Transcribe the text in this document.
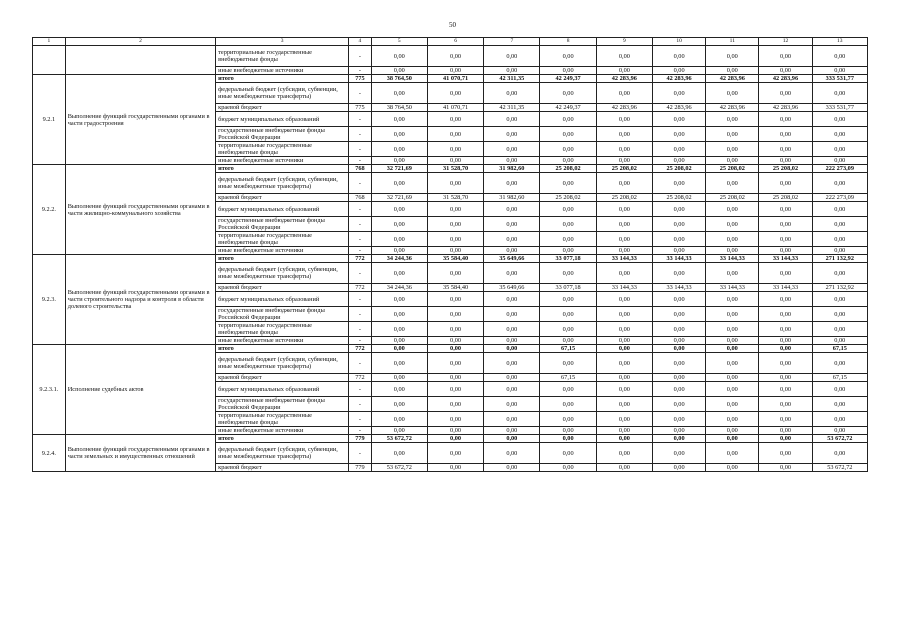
50
1	2	3	4	5	6	7	8	9	10	11	12	13
		территориальные государственные внебюджетные фонды	-	0,00	0,00	0,00	0,00	0,00	0,00	0,00	0,00	0,00
		иные внебюджетные источники	-	0,00	0,00	0,00	0,00	0,00	0,00	0,00	0,00	0,00
9.2.1	Выполнение функций государственными органами в части градостроения	итого	775	38 764,50	41 070,71	42 311,35	42 249,37	42 283,96	42 283,96	42 283,96	42 283,96	333 531,77
		федеральный бюджет (субсидии, субвенции, иные межбюджетные трансферты)	-	0,00	0,00	0,00	0,00	0,00	0,00	0,00	0,00	0,00
		краевой бюджет	775	38 764,50	41 070,71	42 311,35	42 249,37	42 283,96	42 283,96	42 283,96	42 283,96	333 531,77
		бюджет муниципальных образований	-	0,00	0,00	0,00	0,00	0,00	0,00	0,00	0,00	0,00
		государственные внебюджетные фонды Российской Федерации	-	0,00	0,00	0,00	0,00	0,00	0,00	0,00	0,00	0,00
		территориальные государственные внебюджетные фонды	-	0,00	0,00	0,00	0,00	0,00	0,00	0,00	0,00	0,00
		иные внебюджетные источники	-	0,00	0,00	0,00	0,00	0,00	0,00	0,00	0,00	0,00
9.2.2.	Выполнение функций государственными органами в части жилищно-коммунального хозяйства	итого	768	32 721,69	31 528,70	31 982,60	25 208,02	25 208,02	25 208,02	25 208,02	25 208,02	222 273,09
		федеральный бюджет (субсидии, субвенции, иные межбюджетные трансферты)	-	0,00	0,00	0,00	0,00	0,00	0,00	0,00	0,00	0,00
		краевой бюджет	768	32 721,69	31 528,70	31 982,60	25 208,02	25 208,02	25 208,02	25 208,02	25 208,02	222 273,09
		бюджет муниципальных образований	-	0,00	0,00	0,00	0,00	0,00	0,00	0,00	0,00	0,00
		государственные внебюджетные фонды Российской Федерации	-	0,00	0,00	0,00	0,00	0,00	0,00	0,00	0,00	0,00
		территориальные государственные внебюджетные фонды	-	0,00	0,00	0,00	0,00	0,00	0,00	0,00	0,00	0,00
		иные внебюджетные источники	-	0,00	0,00	0,00	0,00	0,00	0,00	0,00	0,00	0,00
9.2.3.	Выполнение функций государственными органами в части строительного надзора и контроля в области долевого строительства	итого	772	34 244,36	35 584,40	35 649,66	33 077,18	33 144,33	33 144,33	33 144,33	33 144,33	271 132,92
		федеральный бюджет (субсидии, субвенции, иные межбюджетные трансферты)	-	0,00	0,00	0,00	0,00	0,00	0,00	0,00	0,00	0,00
		краевой бюджет	772	34 244,36	35 584,40	35 649,66	33 077,18	33 144,33	33 144,33	33 144,33	33 144,33	271 132,92
		бюджет муниципальных образований	-	0,00	0,00	0,00	0,00	0,00	0,00	0,00	0,00	0,00
		государственные внебюджетные фонды Российской Федерации	-	0,00	0,00	0,00	0,00	0,00	0,00	0,00	0,00	0,00
		территориальные государственные внебюджетные фонды	-	0,00	0,00	0,00	0,00	0,00	0,00	0,00	0,00	0,00
		иные внебюджетные источники	-	0,00	0,00	0,00	0,00	0,00	0,00	0,00	0,00	0,00
9.2.3.1.	Исполнение судебных актов	итого	772	0,00	0,00	0,00	67,15	0,00	0,00	0,00	0,00	67,15
		федеральный бюджет (субсидии, субвенции, иные межбюджетные трансферты)	-	0,00	0,00	0,00	0,00	0,00	0,00	0,00	0,00	0,00
		краевой бюджет	772	0,00	0,00	0,00	67,15	0,00	0,00	0,00	0,00	67,15
		бюджет муниципальных образований	-	0,00	0,00	0,00	0,00	0,00	0,00	0,00	0,00	0,00
		государственные внебюджетные фонды Российской Федерации	-	0,00	0,00	0,00	0,00	0,00	0,00	0,00	0,00	0,00
		территориальные государственные внебюджетные фонды	-	0,00	0,00	0,00	0,00	0,00	0,00	0,00	0,00	0,00
		иные внебюджетные источники	-	0,00	0,00	0,00	0,00	0,00	0,00	0,00	0,00	0,00
9.2.4.	Выполнение функций государственными органами в части земельных и имущественных отношений	итого	779	53 672,72	0,00	0,00	0,00	0,00	0,00	0,00	0,00	53 672,72
		федеральный бюджет (субсидии, субвенции, иные межбюджетные трансферты)	-	0,00	0,00	0,00	0,00	0,00	0,00	0,00	0,00	0,00
		краевой бюджет	779	53 672,72	0,00	0,00	0,00	0,00	0,00	0,00	0,00	53 672,72
